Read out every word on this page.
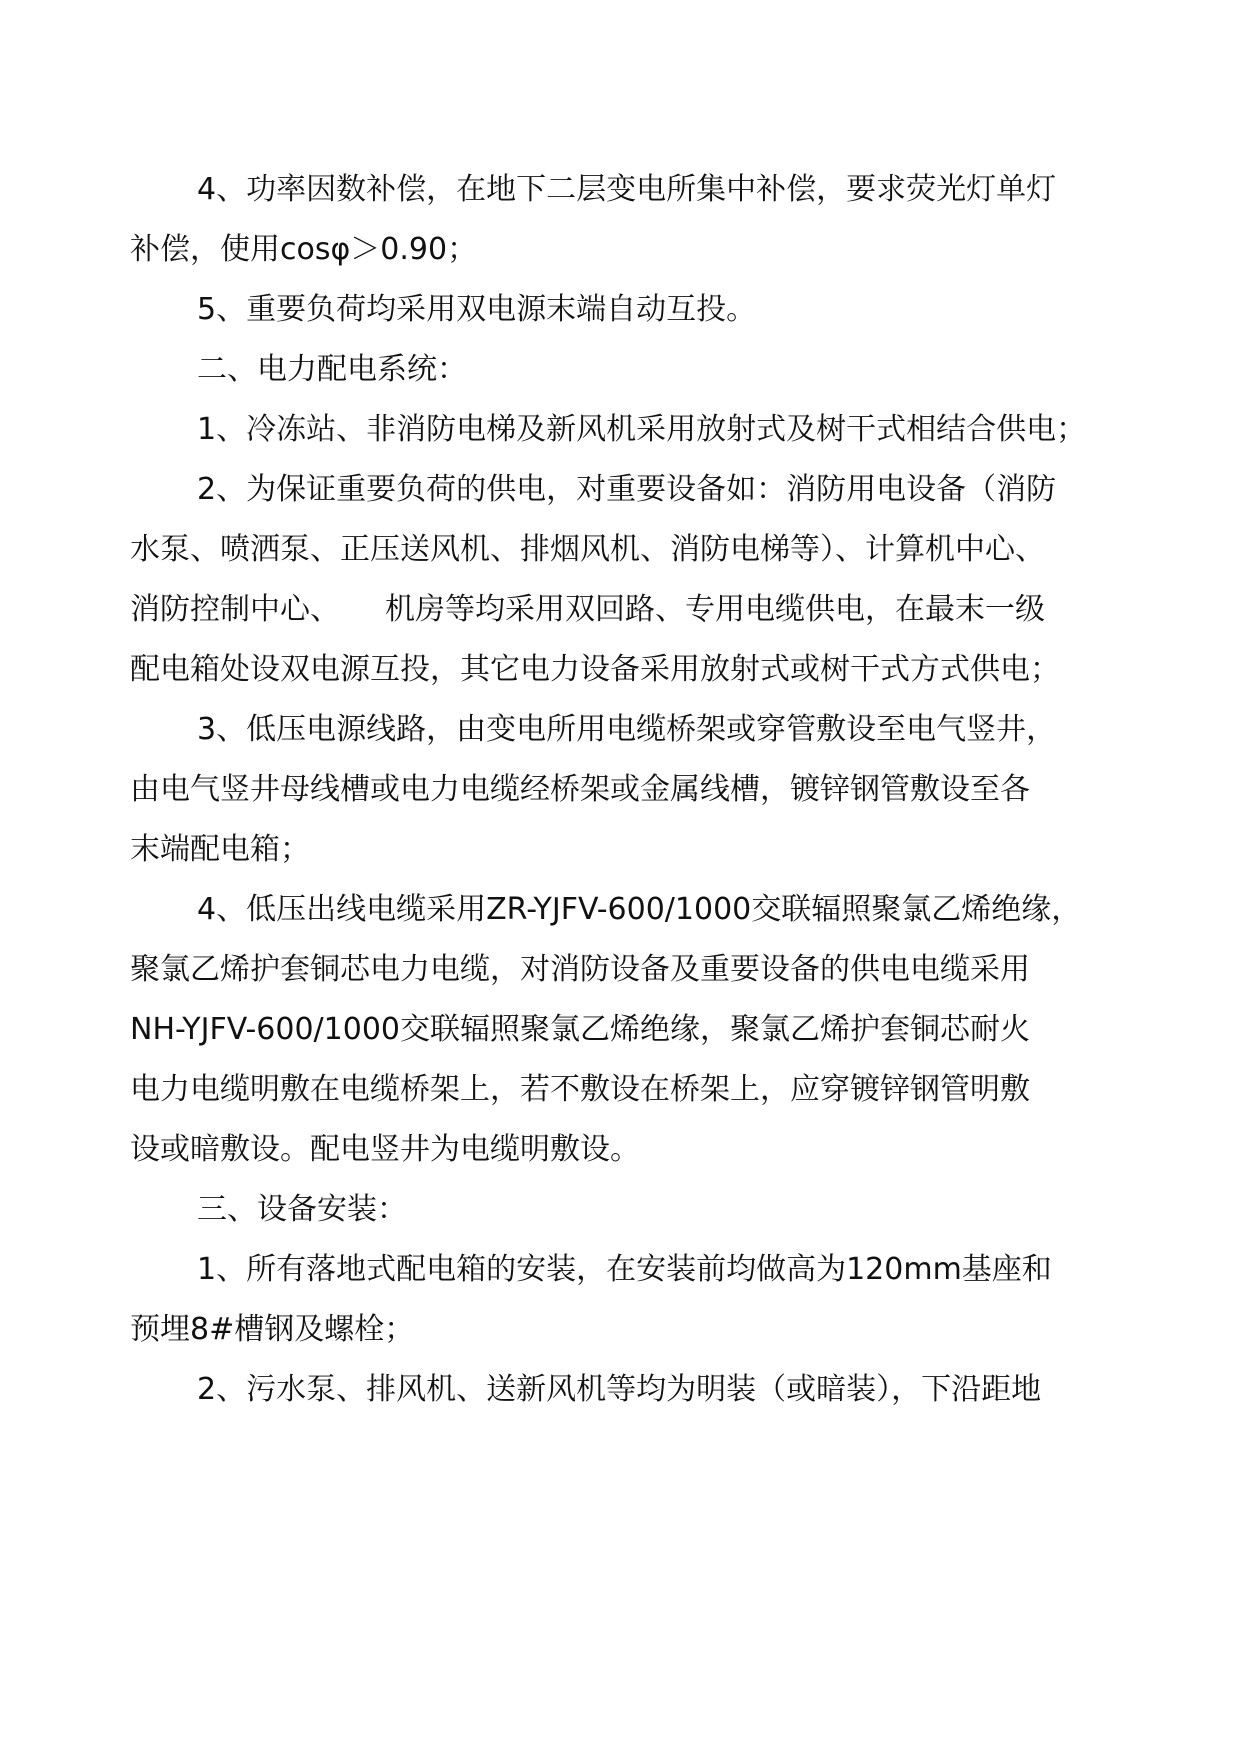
4、功率因数补偿，在地下二层变电所集中补偿，要求荧光灯单灯
补偿，使用cosφ＞0.90；
5、重要负荷均采用双电源末端自动互投。
二、电力配电系统：
1、冷冻站、非消防电梯及新风机采用放射式及树干式相结合供电；
2、为保证重要负荷的供电，对重要设备如：消防用电设备（消防
水泵、喷洒泵、正压送风机、排烟风机、消防电梯等）、计算机中心、
消防控制中心、　　机房等均采用双回路、专用电缆供电，在最末一级
配电箱处设双电源互投，其它电力设备采用放射式或树干式方式供电；
3、低压电源线路，由变电所用电缆桥架或穿管敷设至电气竖井，
由电气竖井母线槽或电力电缆经桥架或金属线槽，镀锌钢管敷设至各
末端配电箱；
4、低压出线电缆采用ZR-YJFV-600/1000交联辐照聚氯乙烯绝缘，
聚氯乙烯护套铜芯电力电缆，对消防设备及重要设备的供电电缆采用
NH-YJFV-600/1000交联辐照聚氯乙烯绝缘，聚氯乙烯护套铜芯耐火
电力电缆明敷在电缆桥架上，若不敷设在桥架上，应穿镀锌钢管明敷
设或暗敷设。配电竖井为电缆明敷设。
三、设备安装：
1、所有落地式配电箱的安装，在安装前均做高为120mm基座和
预埋8#槽钢及螺栓；
2、污水泵、排风机、送新风机等均为明装（或暗装），下沿距地
